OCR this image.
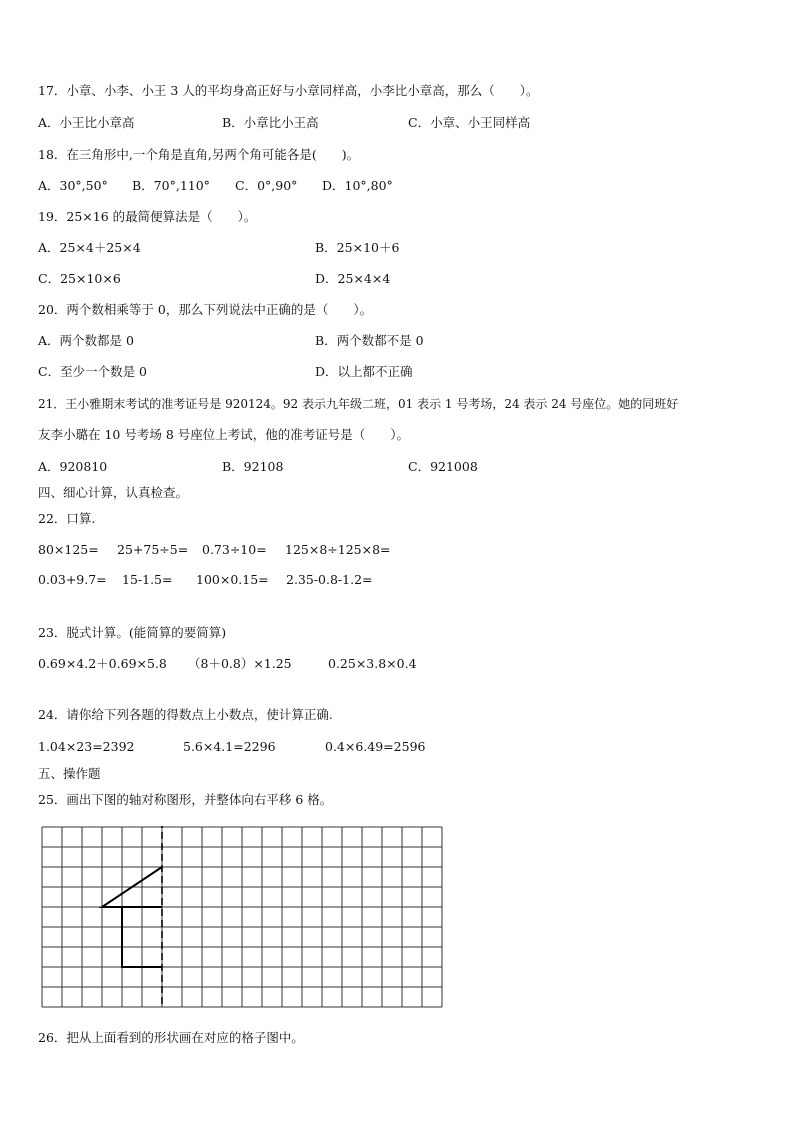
17．小章、小李、小王 3 人的平均身高正好与小章同样高，小李比小章高，那么（　　）。
A．小王比小章高	B．小章比小王高	C．小章、小王同样高
18．在三角形中,一个角是直角,另两个角可能各是(　　)。
A．30°,50° B．70°,110° C．0°,90° D．10°,80°
19．25×16 的最简便算法是（　　）。
A．25×4＋25×4	B．25×10＋6
C．25×10×6	D．25×4×4
20．两个数相乘等于 0，那么下列说法中正确的是（　　）。
A．两个数都是 0	B．两个数都不是 0
C．至少一个数是 0	D．以上都不正确
21．王小雅期末考试的准考证号是 920124。92 表示九年级二班，01 表示 1 号考场，24 表示 24 号座位。她的同班好
友李小璐在 10 号考场 8 号座位上考试，他的准考证号是（　　）。
A．920810	B．92108	C．921008
四、细心计算，认真检查。
22．口算.
80×125= 25+75÷5= 0.73÷10= 125×8÷125×8=
0.03+9.7= 15-1.5= 100×0.15= 2.35-0.8-1.2=
23．脱式计算。(能简算的要简算)
0.69×4.2＋0.69×5.8 （8＋0.8）×1.25	0.25×3.8×0.4
24．请你给下列各题的得数点上小数点，使计算正确.
1.04×23=2392	5.6×4.1=2296	0.4×6.49=2596
五、操作题
25．画出下图的轴对称图形，并整体向右平移 6 格。
26．把从上面看到的形状画在对应的格子图中。
